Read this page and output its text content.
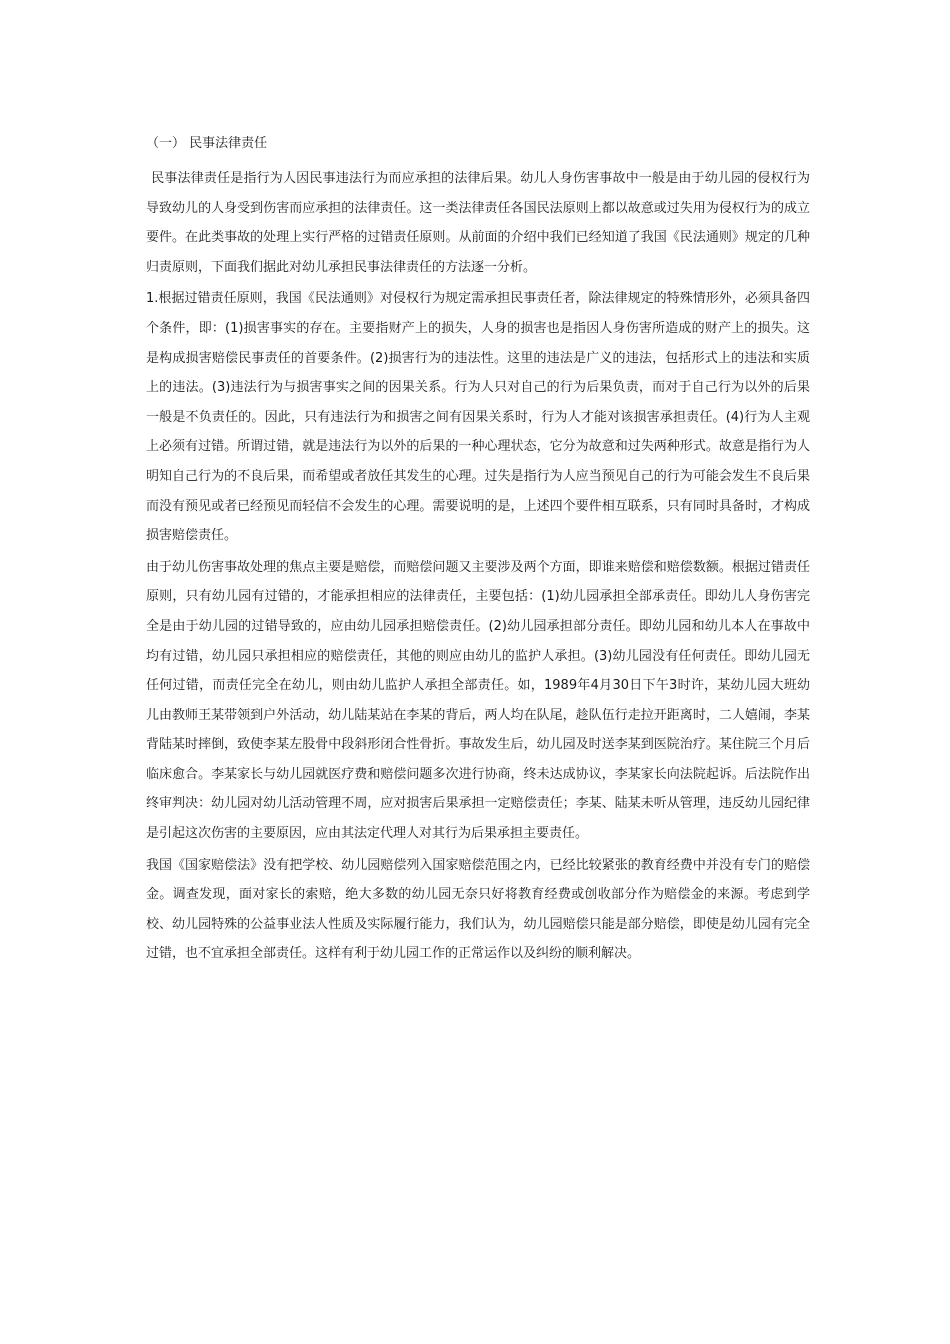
（一） 民事法律责任

民事法律责任是指行为人因民事违法行为而应承担的法律后果。幼儿人身伤害事故中一般是由于幼儿园的侵权行为导致幼儿的人身受到伤害而应承担的法律责任。这一类法律责任各国民法原则上都以故意或过失用为侵权行为的成立要件。在此类事故的处理上实行严格的过错责任原则。从前面的介绍中我们已经知道了我国《民法通则》规定的几种归责原则，下面我们据此对幼儿承担民事法律责任的方法逐一分析。

1.根据过错责任原则，我国《民法通则》对侵权行为规定需承担民事责任者，除法律规定的特殊情形外，必须具备四个条件，即：(1)损害事实的存在。主要指财产上的损失，人身的损害也是指因人身伤害所造成的财产上的损失。这是构成损害赔偿民事责任的首要条件。(2)损害行为的违法性。这里的违法是广义的违法，包括形式上的违法和实质上的违法。(3)违法行为与损害事实之间的因果关系。行为人只对自己的行为后果负责，而对于自己行为以外的后果一般是不负责任的。因此，只有违法行为和损害之间有因果关系时，行为人才能对该损害承担责任。(4)行为人主观上必须有过错。所谓过错，就是违法行为以外的后果的一种心理状态，它分为故意和过失两种形式。故意是指行为人明知自己行为的不良后果，而希望或者放任其发生的心理。过失是指行为人应当预见自己的行为可能会发生不良后果而没有预见或者已经预见而轻信不会发生的心理。需要说明的是，上述四个要件相互联系，只有同时具备时，才构成损害赔偿责任。

由于幼儿伤害事故处理的焦点主要是赔偿，而赔偿问题又主要涉及两个方面，即谁来赔偿和赔偿数额。根据过错责任原则，只有幼儿园有过错的，才能承担相应的法律责任，主要包括：(1)幼儿园承担全部承责任。即幼儿人身伤害完全是由于幼儿园的过错导致的，应由幼儿园承担赔偿责任。(2)幼儿园承担部分责任。即幼儿园和幼儿本人在事故中均有过错，幼儿园只承担相应的赔偿责任，其他的则应由幼儿的监护人承担。(3)幼儿园没有任何责任。即幼儿园无任何过错，而责任完全在幼儿，则由幼儿监护人承担全部责任。如，1989年4月30日下午3时许，某幼儿园大班幼儿由教师王某带领到户外活动，幼儿陆某站在李某的背后，两人均在队尾，趁队伍行走拉开距离时，二人嬉闹，李某背陆某时摔倒，致使李某左股骨中段斜形闭合性骨折。事故发生后，幼儿园及时送李某到医院治疗。某住院三个月后临床愈合。李某家长与幼儿园就医疗费和赔偿问题多次进行协商，终未达成协议，李某家长向法院起诉。后法院作出终审判决：幼儿园对幼儿活动管理不周，应对损害后果承担一定赔偿责任；李某、陆某未听从管理，违反幼儿园纪律是引起这次伤害的主要原因，应由其法定代理人对其行为后果承担主要责任。

我国《国家赔偿法》没有把学校、幼儿园赔偿列入国家赔偿范围之内，已经比较紧张的教育经费中并没有专门的赔偿金。调查发现，面对家长的索赔，绝大多数的幼儿园无奈只好将教育经费或创收部分作为赔偿金的来源。考虑到学校、幼儿园特殊的公益事业法人性质及实际履行能力，我们认为，幼儿园赔偿只能是部分赔偿，即使是幼儿园有完全过错，也不宜承担全部责任。这样有利于幼儿园工作的正常运作以及纠纷的顺利解决。
